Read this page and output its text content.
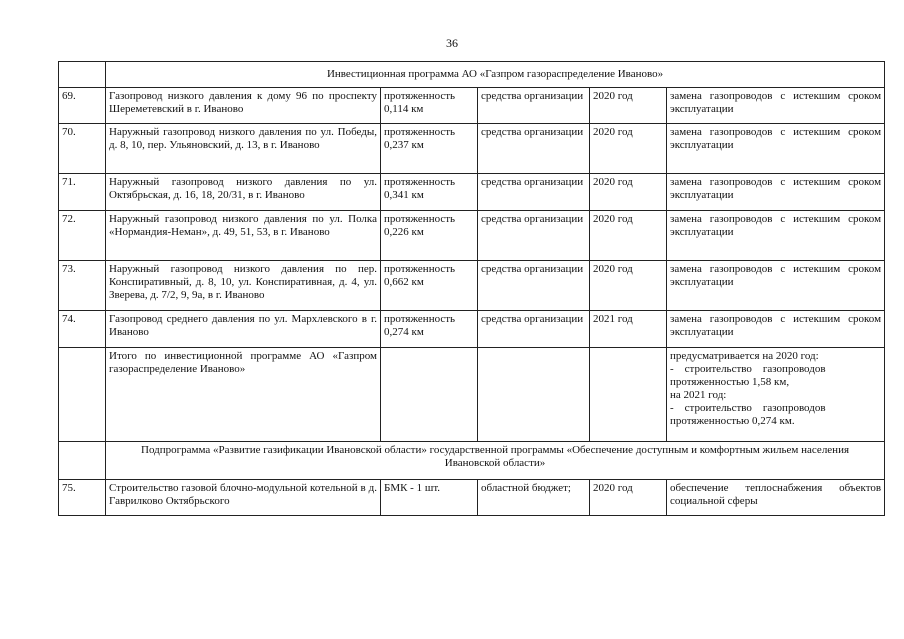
36
	Инвестиционная программа АО «Газпром газораспределение Иваново»				
69.	Газопровод низкого давления к дому 96 по проспекту Шереметевский в г. Иваново	протяженность 0,114 км	средства организации	2020 год	замена газопроводов с истекшим сроком эксплуатации
70.	Наружный газопровод низкого давления по ул. Победы, д. 8, 10, пер. Ульяновский, д. 13, в г. Иваново	протяженность 0,237 км	средства организации	2020 год	замена газопроводов с истекшим сроком эксплуатации
71.	Наружный газопровод низкого давления по ул. Октябрьская, д. 16, 18, 20/31, в г. Иваново	протяженность 0,341 км	средства организации	2020 год	замена газопроводов с истекшим сроком эксплуатации
72.	Наружный газопровод низкого давления по ул. Полка «Нормандия-Неман», д. 49, 51, 53, в г. Иваново	протяженность 0,226 км	средства организации	2020 год	замена газопроводов с истекшим сроком эксплуатации
73.	Наружный газопровод низкого давления по пер. Конспиративный, д. 8, 10, ул. Конспиративная, д. 4, ул. Зверева, д. 7/2, 9, 9а, в г. Иваново	протяженность 0,662 км	средства организации	2020 год	замена газопроводов с истекшим сроком эксплуатации
74.	Газопровод среднего давления по ул. Мархлевского в г. Иваново	протяженность 0,274 км	средства организации	2021 год	замена газопроводов с истекшим сроком эксплуатации
	Итого по инвестиционной программе АО «Газпром газораспределение Иваново»				предусматривается на 2020 год:
-    строительство    газопроводов протяженностью 1,58 км,
на 2021 год:
-    строительство    газопроводов протяженностью 0,274 км.

	Подпрограмма «Развитие газификации Ивановской области» государственной программы «Обеспечение доступным и комфортным жильем населения Ивановской области»				
75.	Строительство газовой блочно-модульной котельной в д. Гаврилково Октябрьского	БМК - 1 шт.	областной бюджет;	2020 год	обеспечение теплоснабжения объектов социальной сферы
